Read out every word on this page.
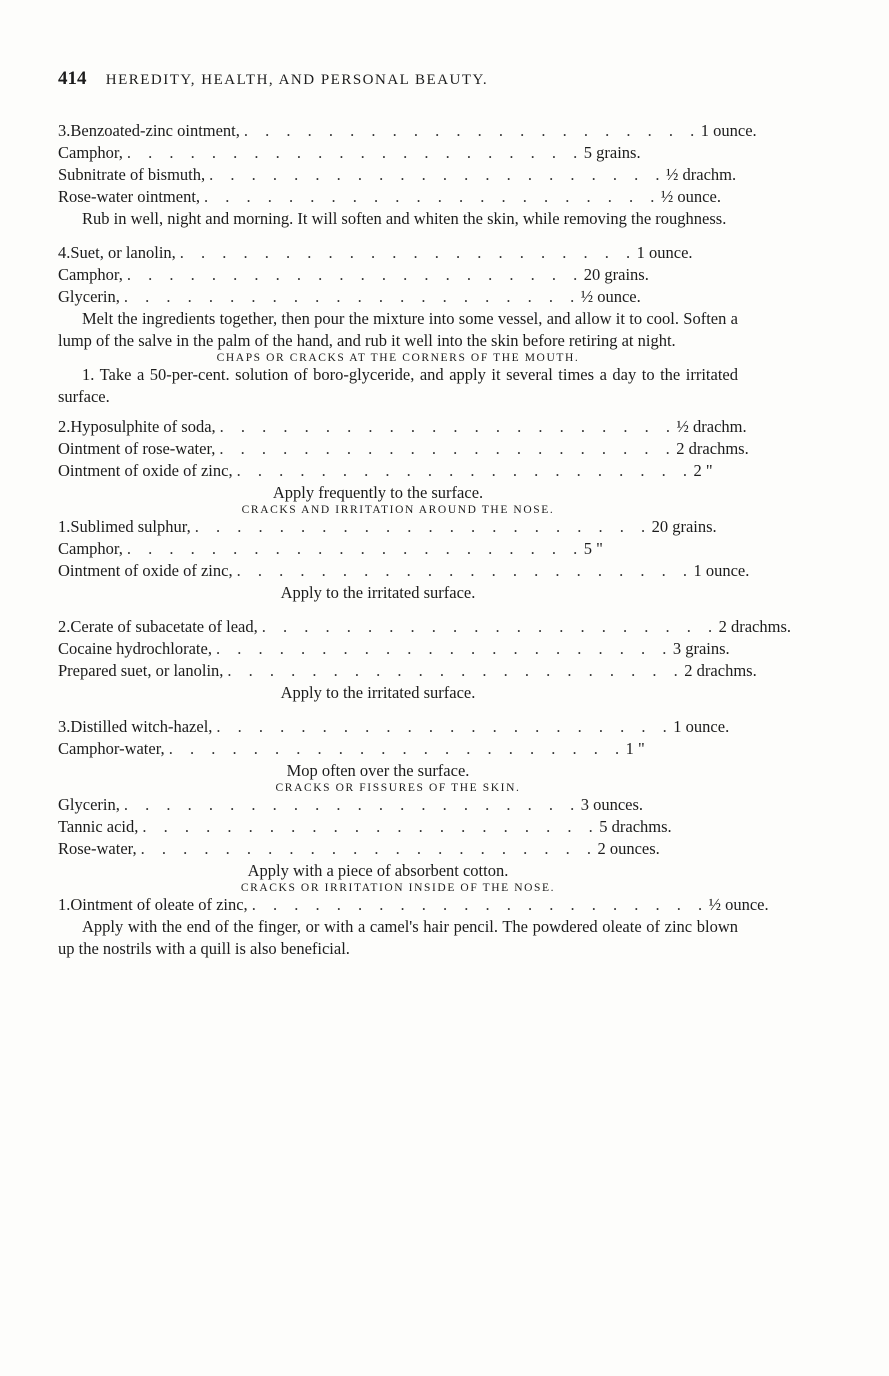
414 HEREDITY, HEALTH, AND PERSONAL BEAUTY.
3. Benzoated-zinc ointment, . . . . . . . . . . . . . . . . . . . . . . 1 ounce.
Camphor, . . . . . . . . . . . . . . . . . . . . . . 5 grains.
Subnitrate of bismuth, . . . . . . . . . . . . . . . . . . . . . . ½ drachm.
Rose-water ointment, . . . . . . . . . . . . . . . . . . . . . . ½ ounce.

Rub in well, night and morning. It will soften and whiten the skin, while removing the roughness.

4. Suet, or lanolin, . . . . . . . . . . . . . . . . . . . . . . 1 ounce.
Camphor, . . . . . . . . . . . . . . . . . . . . . . 20 grains.
Glycerin, . . . . . . . . . . . . . . . . . . . . . . ½ ounce.

Melt the ingredients together, then pour the mixture into some vessel, and allow it to cool. Soften a lump of the salve in the palm of the hand, and rub it well into the skin before retiring at night.

CHAPS OR CRACKS AT THE CORNERS OF THE MOUTH.

1. Take a 50-per-cent. solution of boro-glyceride, and apply it several times a day to the irritated surface.

2. Hyposulphite of soda, . . . . . . . . . . . . . . . . . . . . . . ½ drachm.
Ointment of rose-water, . . . . . . . . . . . . . . . . . . . . . . 2 drachms.
Ointment of oxide of zinc, . . . . . . . . . . . . . . . . . . . . . . 2 "
Apply frequently to the surface.
CRACKS AND IRRITATION AROUND THE NOSE.
1. Sublimed sulphur, . . . . . . . . . . . . . . . . . . . . . . 20 grains.
Camphor, . . . . . . . . . . . . . . . . . . . . . . 5 "
Ointment of oxide of zinc, . . . . . . . . . . . . . . . . . . . . . . 1 ounce.
Apply to the irritated surface.
2. Cerate of subacetate of lead, . . . . . . . . . . . . . . . . . . . . . . 2 drachms.
Cocaine hydrochlorate, . . . . . . . . . . . . . . . . . . . . . . 3 grains.
Prepared suet, or lanolin, . . . . . . . . . . . . . . . . . . . . . . 2 drachms.
Apply to the irritated surface.
3. Distilled witch-hazel, . . . . . . . . . . . . . . . . . . . . . . 1 ounce.
Camphor-water, . . . . . . . . . . . . . . . . . . . . . . 1 "
Mop often over the surface.
CRACKS OR FISSURES OF THE SKIN.
Glycerin, . . . . . . . . . . . . . . . . . . . . . . 3 ounces.
Tannic acid, . . . . . . . . . . . . . . . . . . . . . . 5 drachms.
Rose-water, . . . . . . . . . . . . . . . . . . . . . . 2 ounces.
Apply with a piece of absorbent cotton.
CRACKS OR IRRITATION INSIDE OF THE NOSE.
1. Ointment of oleate of zinc, . . . . . . . . . . . . . . . . . . . . . . ½ ounce.

Apply with the end of the finger, or with a camel's hair pencil. The powdered oleate of zinc blown up the nostrils with a quill is also beneficial.
